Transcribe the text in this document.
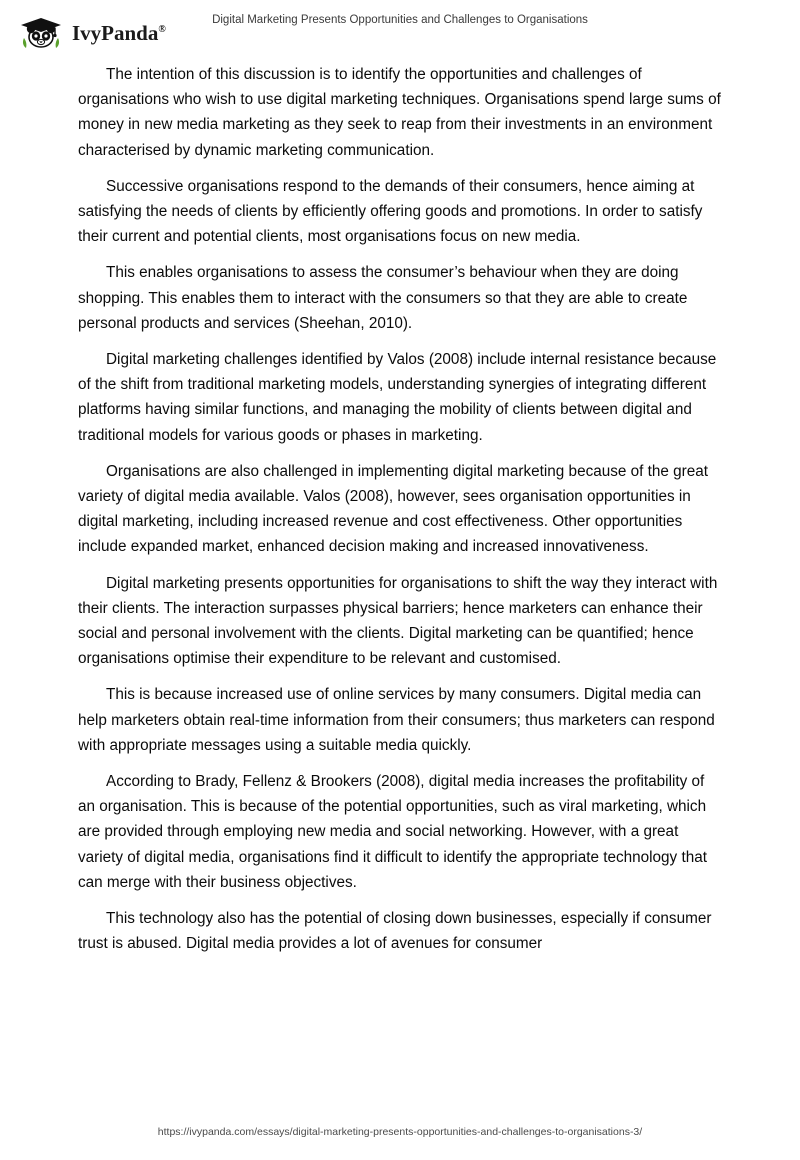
IvyPanda®
Digital Marketing Presents Opportunities and Challenges to Organisations

The intention of this discussion is to identify the opportunities and challenges of organisations who wish to use digital marketing techniques. Organisations spend large sums of money in new media marketing as they seek to reap from their investments in an environment characterised by dynamic marketing communication.

Successive organisations respond to the demands of their consumers, hence aiming at satisfying the needs of clients by efficiently offering goods and promotions. In order to satisfy their current and potential clients, most organisations focus on new media.

This enables organisations to assess the consumer’s behaviour when they are doing shopping. This enables them to interact with the consumers so that they are able to create personal products and services (Sheehan, 2010).

Digital marketing challenges identified by Valos (2008) include internal resistance because of the shift from traditional marketing models, understanding synergies of integrating different platforms having similar functions, and managing the mobility of clients between digital and traditional models for various goods or phases in marketing.

Organisations are also challenged in implementing digital marketing because of the great variety of digital media available. Valos (2008), however, sees organisation opportunities in digital marketing, including increased revenue and cost effectiveness. Other opportunities include expanded market, enhanced decision making and increased innovativeness.

Digital marketing presents opportunities for organisations to shift the way they interact with their clients. The interaction surpasses physical barriers; hence marketers can enhance their social and personal involvement with the clients. Digital marketing can be quantified; hence organisations optimise their expenditure to be relevant and customised.

This is because increased use of online services by many consumers. Digital media can help marketers obtain real-time information from their consumers; thus marketers can respond with appropriate messages using a suitable media quickly.

According to Brady, Fellenz & Brookers (2008), digital media increases the profitability of an organisation. This is because of the potential opportunities, such as viral marketing, which are provided through employing new media and social networking. However, with a great variety of digital media, organisations find it difficult to identify the appropriate technology that can merge with their business objectives.

This technology also has the potential of closing down businesses, especially if consumer trust is abused. Digital media provides a lot of avenues for consumer

https://ivypanda.com/essays/digital-marketing-presents-opportunities-and-challenges-to-organisations-3/
